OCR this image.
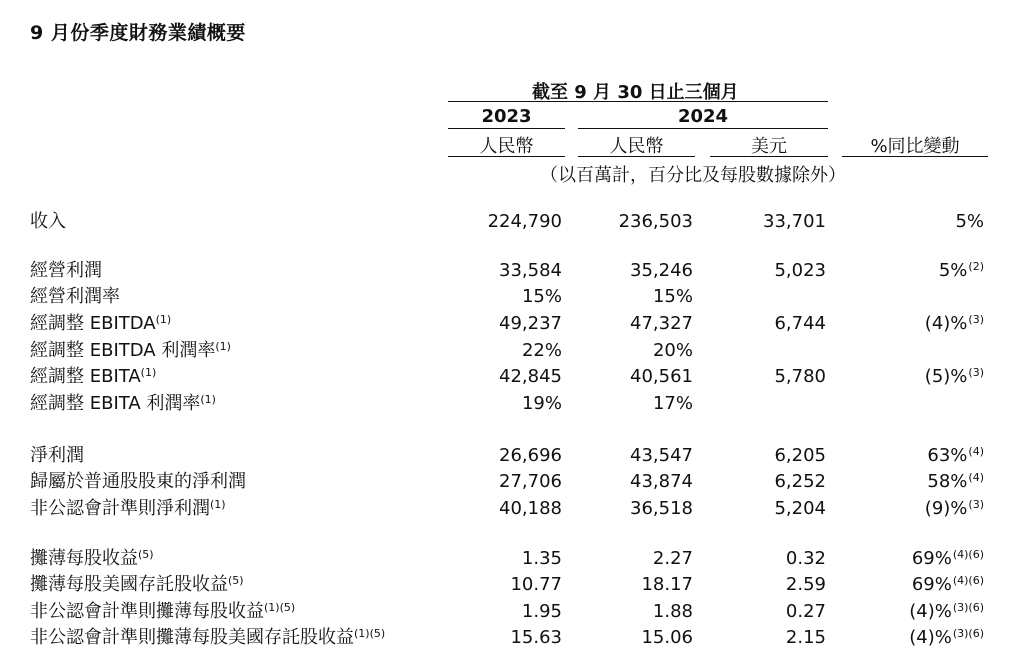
9 月份季度財務業績概要
截至 9 月 30 日止三個月
2023	2024
人民幣	人民幣	美元	%同比變動
（以百萬計，百分比及每股數據除外）
收入	224,790	236,503	33,701	5%
經營利潤	33,584	35,246	5,023	5%$^{(2)}$
經營利潤率	15%	15%
經調整 EBITDA$^{(1)}$	49,237	47,327	6,744	(4)%$^{(3)}$
經調整 EBITDA 利潤率$^{(1)}$	22%	20%
經調整 EBITA$^{(1)}$	42,845	40,561	5,780	(5)%$^{(3)}$
經調整 EBITA 利潤率$^{(1)}$	19%	17%
淨利潤	26,696	43,547	6,205	63%$^{(4)}$
歸屬於普通股股東的淨利潤	27,706	43,874	6,252	58%$^{(4)}$
非公認會計準則淨利潤$^{(1)}$	40,188	36,518	5,204	(9)%$^{(3)}$
攤薄每股收益$^{(5)}$	1.35	2.27	0.32	69%$^{(4)(6)}$
攤薄每股美國存託股收益$^{(5)}$	10.77	18.17	2.59	69%$^{(4)(6)}$
非公認會計準則攤薄每股收益$^{(1)(5)}$	1.95	1.88	0.27	(4)%$^{(3)(6)}$
非公認會計準則攤薄每股美國存託股收益$^{(1)(5)}$	15.63	15.06	2.15	(4)%$^{(3)(6)}$
